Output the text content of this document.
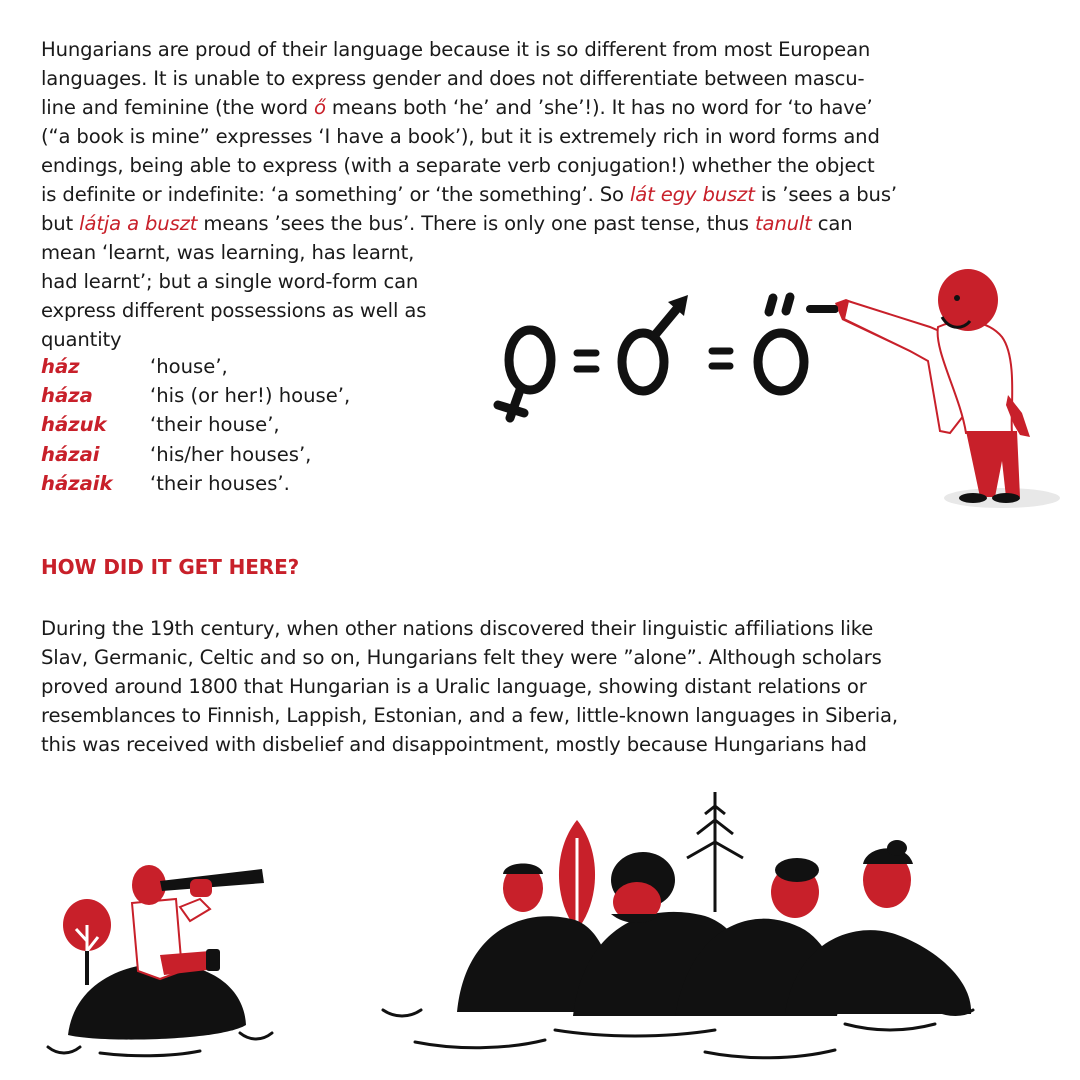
Hungarians are proud of their language because it is so different from most European
languages. It is unable to express gender and does not differentiate between mascu-
line and feminine (the word ő means both ‘he’ and ’she’!). It has no word for ‘to have’
(“a book is mine” expresses ‘I have a book’), but it is extremely rich in word forms and
endings, being able to express (with a separate verb conjugation!) whether the object
is definite or indefinite: ‘a something’ or ‘the something’. So lát egy buszt is ’sees a bus’
but látja a buszt means ’sees the bus’. There is only one past tense, thus tanult can
mean ‘learnt, was learning, has learnt,
had learnt’; but a single word-form can
express different possessions as well as
quantity
ház	‘house’,
háza	‘his (or her!) house’,
házuk	‘their house’,
házai	‘his/her houses’,
házaik	‘their houses’.
HOW DID IT GET HERE?
During the 19th century, when other nations discovered their linguistic affiliations like
Slav, Germanic, Celtic and so on, Hungarians felt they were ”alone”. Although scholars
proved around 1800 that Hungarian is a Uralic language, showing distant relations or
resemblances to Finnish, Lappish, Estonian, and a few, little-known languages in Siberia,
this was received with disbelief and disappointment, mostly because Hungarians had
